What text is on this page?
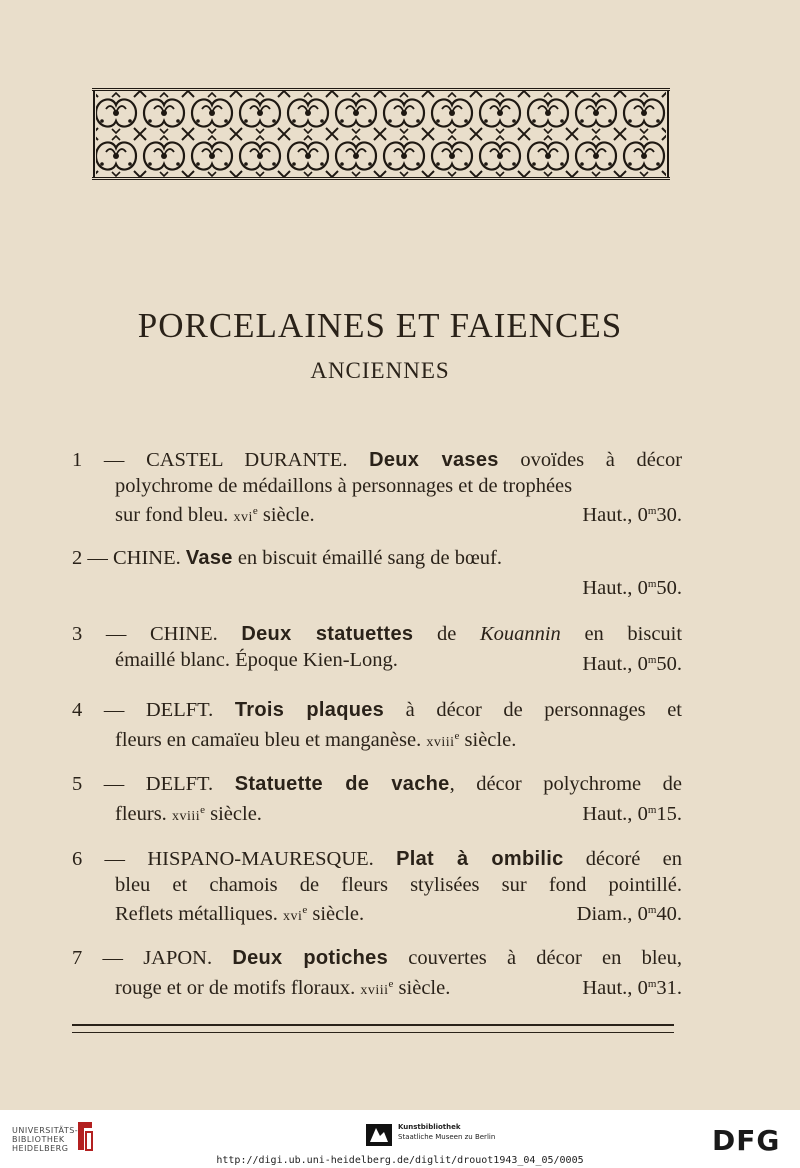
PORCELAINES ET FAIENCES
ANCIENNES
1 — CASTEL DURANTE. Deux vases ovoïdes à décor
polychrome de médaillons à personnages et de trophées
sur fond bleu. xvi$^e$ siècle.	Haut., 0$^m$30.
2 — CHINE. Vase en biscuit émaillé sang de bœuf.
Haut., 0$^m$50.
3 — CHINE. Deux statuettes de Kouannin en biscuit
émaillé blanc. Époque Kien-Long.	Haut., 0$^m$50.
4 — DELFT. Trois plaques à décor de personnages et
fleurs en camaïeu bleu et manganèse. xviii$^e$ siècle.
5 — DELFT. Statuette de vache, décor polychrome de
fleurs. xviii$^e$ siècle.	Haut., 0$^m$15.
6 — HISPANO-MAURESQUE. Plat à ombilic décoré en
bleu et chamois de fleurs stylisées sur fond pointillé.
Reflets métalliques. xvi$^e$ siècle.	Diam., 0$^m$40.
7 — JAPON. Deux potiches couvertes à décor en bleu,
rouge et or de motifs floraux. xviii$^e$ siècle.	Haut., 0$^m$31.
UNIVERSITÄTS-
BIBLIOTHEK
HEIDELBERG
Kunstbibliothek
Staatliche Museen zu Berlin	DFG
http://digi.ub.uni-heidelberg.de/diglit/drouot1943_04_05/0005
